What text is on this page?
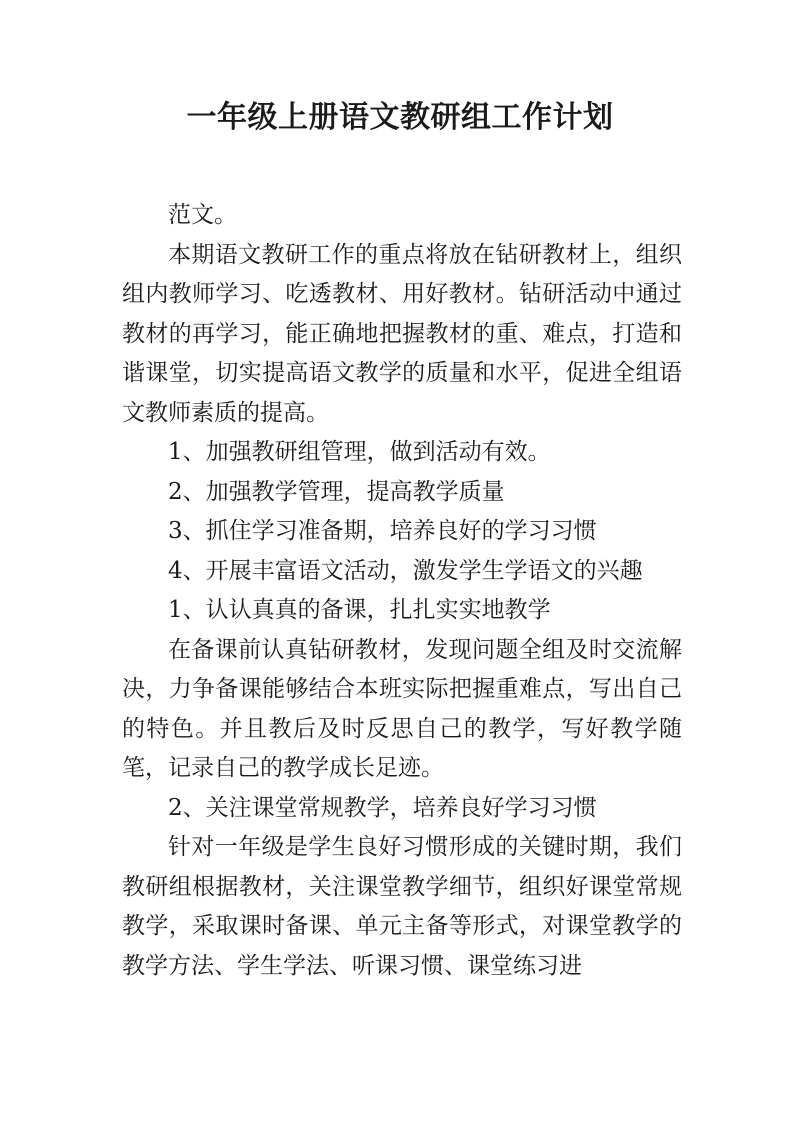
一年级上册语文教研组工作计划

范文。

本期语文教研工作的重点将放在钻研教材上，组织组内教师学习、吃透教材、用好教材。钻研活动中通过教材的再学习，能正确地把握教材的重、难点，打造和谐课堂，切实提高语文教学的质量和水平，促进全组语文教师素质的提高。

1、加强教研组管理，做到活动有效。

2、加强教学管理，提高教学质量

3、抓住学习准备期，培养良好的学习习惯

4、开展丰富语文活动，激发学生学语文的兴趣

1、认认真真的备课，扎扎实实地教学

在备课前认真钻研教材，发现问题全组及时交流解决，力争备课能够结合本班实际把握重难点，写出自己的特色。并且教后及时反思自己的教学，写好教学随笔，记录自己的教学成长足迹。

2、关注课堂常规教学，培养良好学习习惯

针对一年级是学生良好习惯形成的关键时期，我们教研组根据教材，关注课堂教学细节，组织好课堂常规教学，采取课时备课、单元主备等形式，对课堂教学的教学方法、学生学法、听课习惯、课堂练习进
